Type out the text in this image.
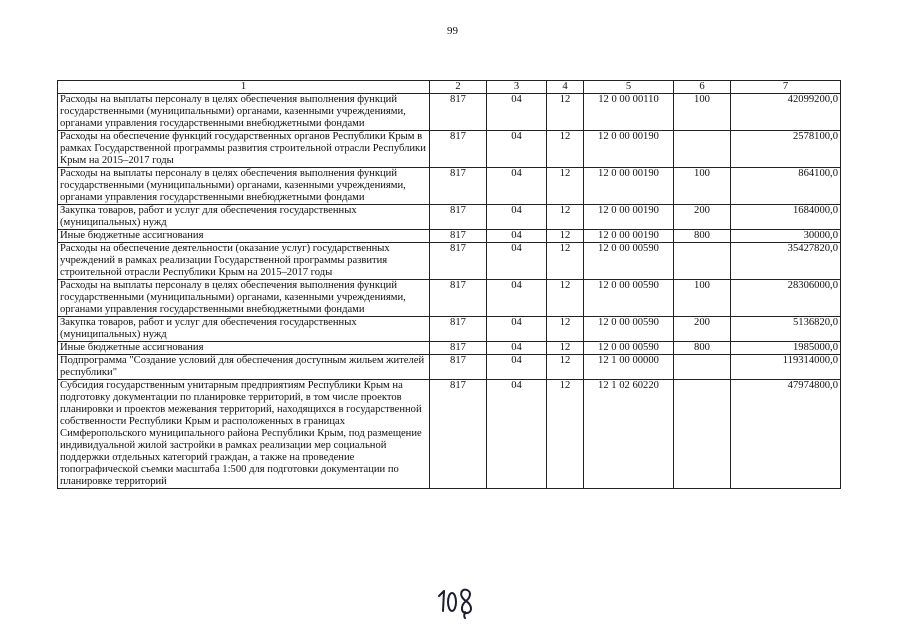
99
1	2	3	4	5	6	7
Расходы на выплаты персоналу в целях обеспечения выполнения функций государственными (муниципальными) органами, казенными учреждениями, органами управления государственными внебюджетными фондами	817	04	12	12 0 00 00110	100	42099200,0
Расходы на обеспечение функций государственных органов Республики Крым в рамках Государственной программы развития строительной отрасли Республики Крым на 2015–2017 годы	817	04	12	12 0 00 00190		2578100,0
Расходы на выплаты персоналу в целях обеспечения выполнения функций государственными (муниципальными) органами, казенными учреждениями, органами управления государственными внебюджетными фондами	817	04	12	12 0 00 00190	100	864100,0
Закупка товаров, работ и услуг для обеспечения государственных (муниципальных) нужд	817	04	12	12 0 00 00190	200	1684000,0
Иные бюджетные ассигнования	817	04	12	12 0 00 00190	800	30000,0
Расходы на обеспечение деятельности (оказание услуг) государственных учреждений в рамках реализации Государственной программы развития строительной отрасли Республики Крым на 2015–2017 годы	817	04	12	12 0 00 00590		35427820,0
Расходы на выплаты персоналу в целях обеспечения выполнения функций государственными (муниципальными) органами, казенными учреждениями, органами управления государственными внебюджетными фондами	817	04	12	12 0 00 00590	100	28306000,0
Закупка товаров, работ и услуг для обеспечения государственных (муниципальных) нужд	817	04	12	12 0 00 00590	200	5136820,0
Иные бюджетные ассигнования	817	04	12	12 0 00 00590	800	1985000,0
Подпрограмма "Создание условий для обеспечения доступным жильем жителей республики"	817	04	12	12 1 00 00000		119314000,0
Субсидия государственным унитарным предприятиям Республики Крым на подготовку документации по планировке территорий, в том числе проектов планировки и проектов межевания территорий, находящихся в государственной собственности Республики Крым и расположенных в границах Симферопольского муниципального района Республики Крым, под размещение индивидуальной жилой застройки в рамках реализации мер социальной поддержки отдельных категорий граждан, а также на проведение топографической съемки масштаба 1:500 для подготовки документации по планировке территорий	817	04	12	12 1 02 60220		47974800,0
